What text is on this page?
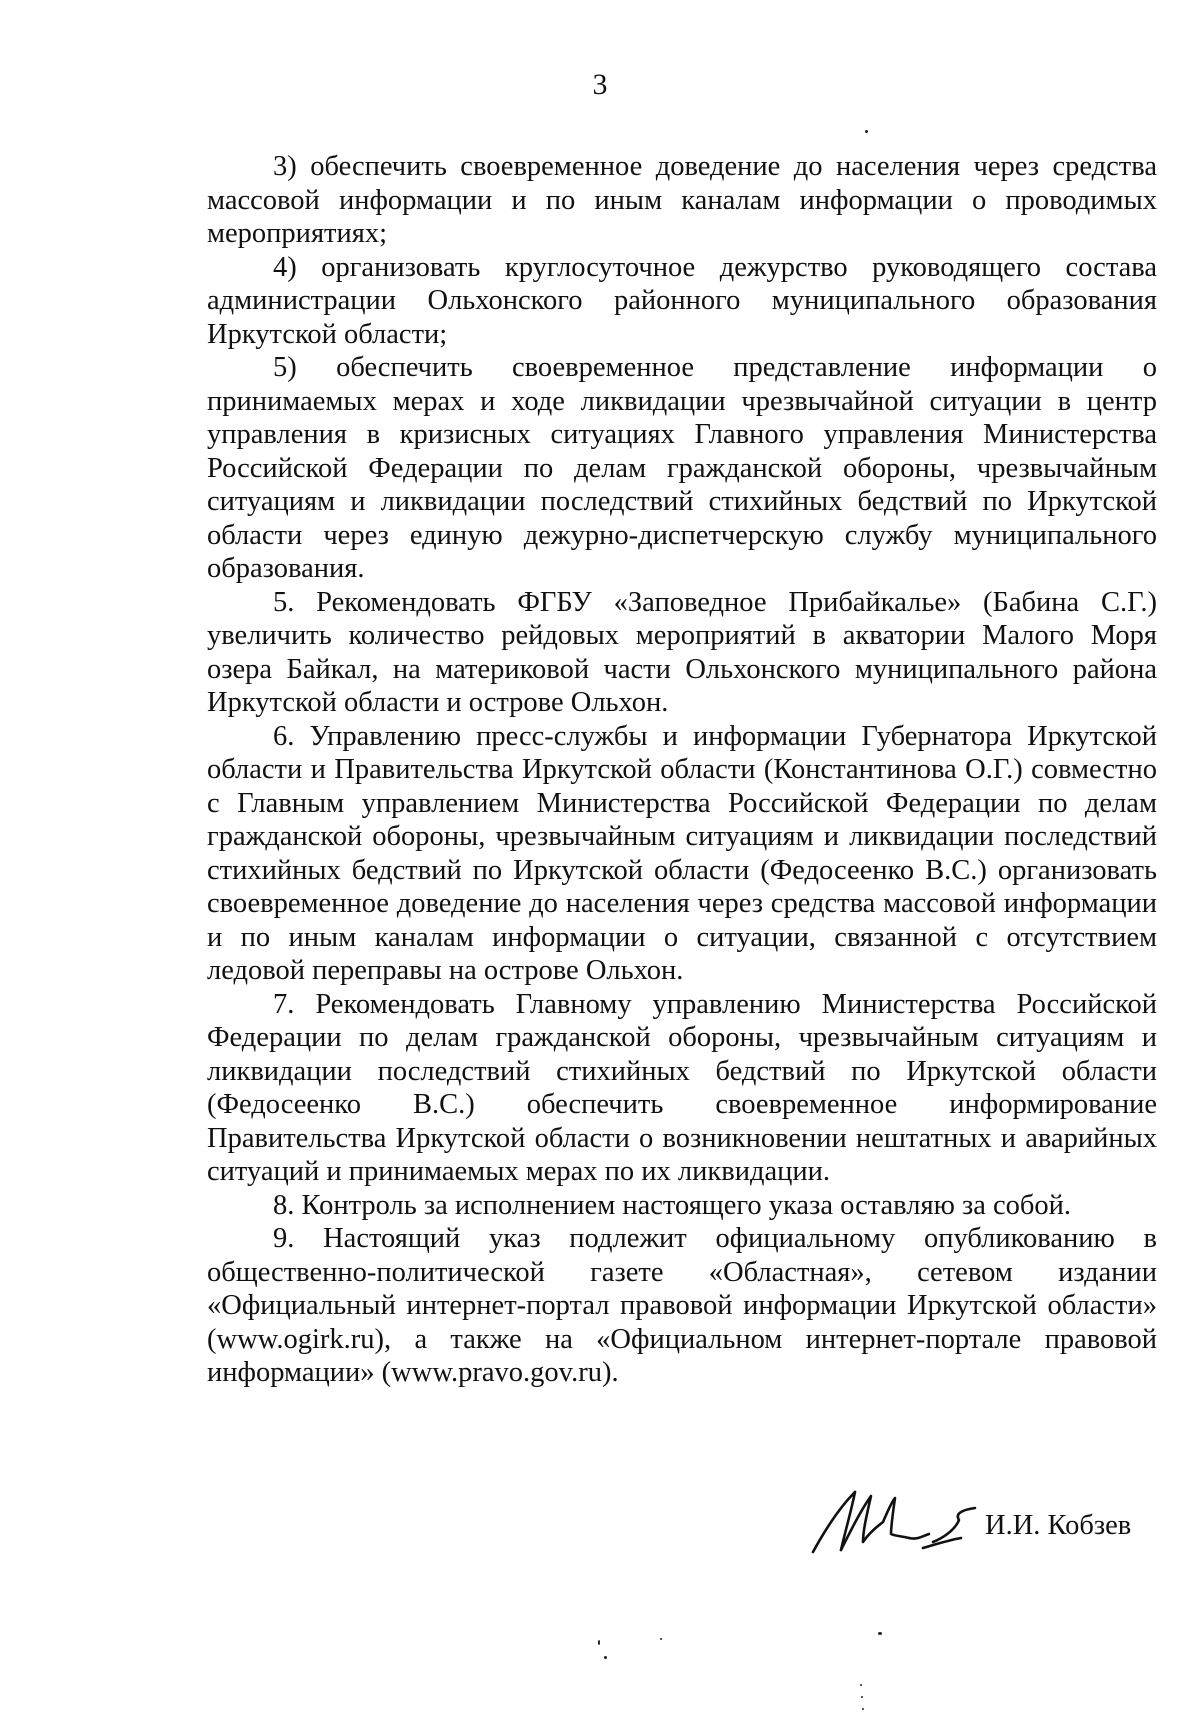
3

3) обеспечить своевременное доведение до населения через средства массовой информации и по иным каналам информации о проводимых мероприятиях;

4) организовать круглосуточное дежурство руководящего состава администрации Ольхонского районного муниципального образования Иркутской области;

5) обеспечить своевременное представление информации о принимаемых мерах и ходе ликвидации чрезвычайной ситуации в центр управления в кризисных ситуациях Главного управления Министерства Российской Федерации по делам гражданской обороны, чрезвычайным ситуациям и ликвидации последствий стихийных бедствий по Иркутской области через единую дежурно-диспетчерскую службу муниципального образования.

5. Рекомендовать ФГБУ «Заповедное Прибайкалье» (Бабина С.Г.) увеличить количество рейдовых мероприятий в акватории Малого Моря озера Байкал, на материковой части Ольхонского муниципального района Иркутской области и острове Ольхон.

6. Управлению пресс-службы и информации Губернатора Иркутской области и Правительства Иркутской области (Константинова О.Г.) совместно с Главным управлением Министерства Российской Федерации по делам гражданской обороны, чрезвычайным ситуациям и ликвидации последствий стихийных бедствий по Иркутской области (Федосеенко В.С.) организовать своевременное доведение до населения через средства массовой информации и по иным каналам информации о ситуации, связанной с отсутствием ледовой переправы на острове Ольхон.

7. Рекомендовать Главному управлению Министерства Российской Федерации по делам гражданской обороны, чрезвычайным ситуациям и ликвидации последствий стихийных бедствий по Иркутской области (Федосеенко В.С.) обеспечить своевременное информирование Правительства Иркутской области о возникновении нештатных и аварийных ситуаций и принимаемых мерах по их ликвидации.

8. Контроль за исполнением настоящего указа оставляю за собой.

9. Настоящий указ подлежит официальному опубликованию в общественно-политической газете «Областная», сетевом издании «Официальный интернет-портал правовой информации Иркутской области» (www.ogirk.ru), а также на «Официальном интернет-портале правовой информации» (www.pravo.gov.ru).

И.И. Кобзев
